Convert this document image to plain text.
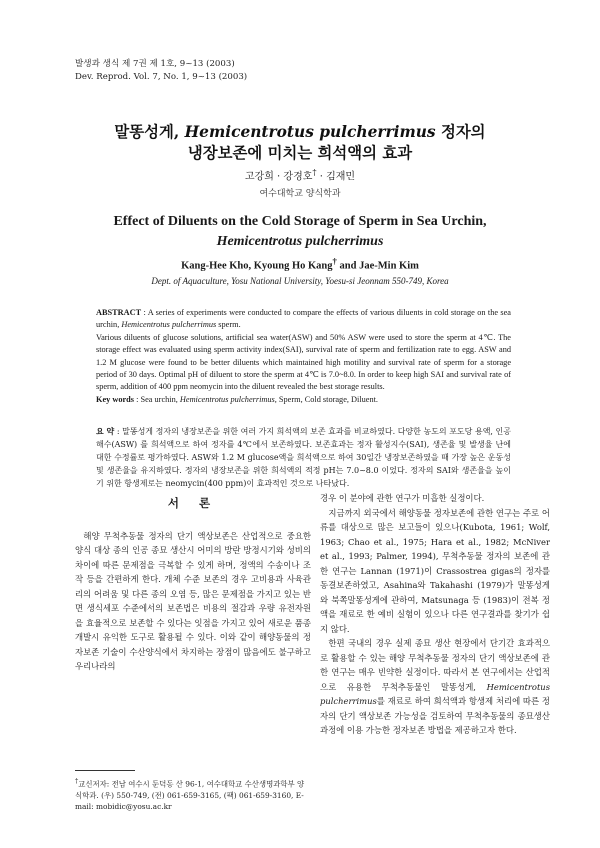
발생과 생식 제 7권 제 1호, 9~13 (2003)
Dev. Reprod. Vol. 7, No. 1, 9~13 (2003)
말똥성게, Hemicentrotus pulcherrimus 정자의
냉장보존에 미치는 희석액의 효과
고강희 · 강경호† · 김재민
여수대학교 양식학과
Effect of Diluents on the Cold Storage of Sperm in Sea Urchin,
Hemicentrotus pulcherrimus
Kang-Hee Kho, Kyoung Ho Kang† and Jae-Min Kim
Dept. of Aquaculture, Yosu National University, Yoesu-si Jeonnam 550-749, Korea

ABSTRACT : A series of experiments were conducted to compare the effects of various diluents in cold storage on the sea urchin, Hemicentrotus pulcherrimus sperm.

Various diluents of glucose solutions, artificial sea water(ASW) and 50% ASW were used to store the sperm at 4℃. The storage effect was evaluated using sperm activity index(SAI), survival rate of sperm and fertilization rate to egg. ASW and 1.2 M glucose were found to be better diluents which maintained high motility and survival rate of sperm for a storage period of 30 days. Optimal pH of diluent to store the sperm at 4℃ is 7.0~8.0. In order to keep high SAI and survival rate of sperm, addition of 400 ppm neomycin into the diluent revealed the best storage results.

Key words : Sea urchin, Hemicentrotus pulcherrimus, Sperm, Cold storage, Diluent.

요 약 : 말똥성게 정자의 냉장보존을 위한 여러 가지 희석액의 보존 효과를 비교하였다. 다양한 농도의 포도당 용액, 인공해수(ASW) 를 희석액으로 하여 정자를 4℃에서 보존하였다. 보존효과는 정자 활성지수(SAI), 생존율 및 발생율 난에 대한 수정률로 평가하였다. ASW와 1.2 M glucose액을 희석액으로 하여 30일간 냉장보존하였을 때 가장 높은 운동성 및 생존율을 유지하였다. 정자의 냉장보존을 위한 희석액의 적정 pH는 7.0~8.0 이었다. 정자의 SAI와 생존율을 높이기 위한 항생제로는 neomycin(400 ppm)이 효과적인 것으로 나타났다.

서 론

해양 무척추동물 정자의 단기 액상보존은 산업적으로 중요한 양식 대상 종의 인공 종묘 생산시 어미의 방란 방정시기와 성비의 차이에 따른 문제점을 극복할 수 있게 하며, 정액의 수송이나 조작 등을 간편하게 한다. 개체 수준 보존의 경우 고비용과 사육관리의 어려움 및 다른 종의 오염 등, 많은 문제점을 가지고 있는 반면 생식세포 수준에서의 보존법은 비용의 절감과 우량 유전자원을 효율적으로 보존할 수 있다는 잇점을 가지고 있어 새로운 품종개발시 유익한 도구로 활용될 수 있다. 이와 같이 해양동물의 정자보존 기술이 수산양식에서 차지하는 장점이 많음에도 불구하고 우리나라의

경우 이 분야에 관한 연구가 미흡한 실정이다.

지금까지 외국에서 해양동물 정자보존에 관한 연구는 주로 어류를 대상으로 많은 보고들이 있으나(Kubota, 1961; Wolf, 1963; Chao et al., 1975; Hara et al., 1982; McNiver et al., 1993; Palmer, 1994), 무척추동물 정자의 보존에 관한 연구는 Lannan (1971)이 Crassostrea gigas의 정자를 동결보존하였고, Asahina와 Takahashi (1979)가 말똥성게와 북쪽말똥성게에 관하여, Matsunaga 등 (1983)이 전복 정액을 재료로 한 예비 실험이 있으나 다른 연구결과를 찾기가 쉽지 않다.

한편 국내의 경우 실제 종묘 생산 현장에서 단기간 효과적으로 활용할 수 있는 해양 무척추동물 정자의 단기 액상보존에 관한 연구는 매우 빈약한 실정이다. 따라서 본 연구에서는 산업적으로 유용한 무척추동물인 말똥성게, Hemicentrotus pulcherrimus를 재료로 하여 희석액과 항생제 처리에 따른 정자의 단기 액상보존 가능성을 검토하여 무척추동물의 종묘생산 과정에 이용 가능한 정자보존 방법을 제공하고자 한다.

†교신저자: 전남 여수시 둔덕동 산 96-1, 여수대학교 수산생명과학부 양식학과. (우) 550-749, (전) 061-659-3165, (팩) 061-659-3160, E-mail: mobidic@yosu.ac.kr
